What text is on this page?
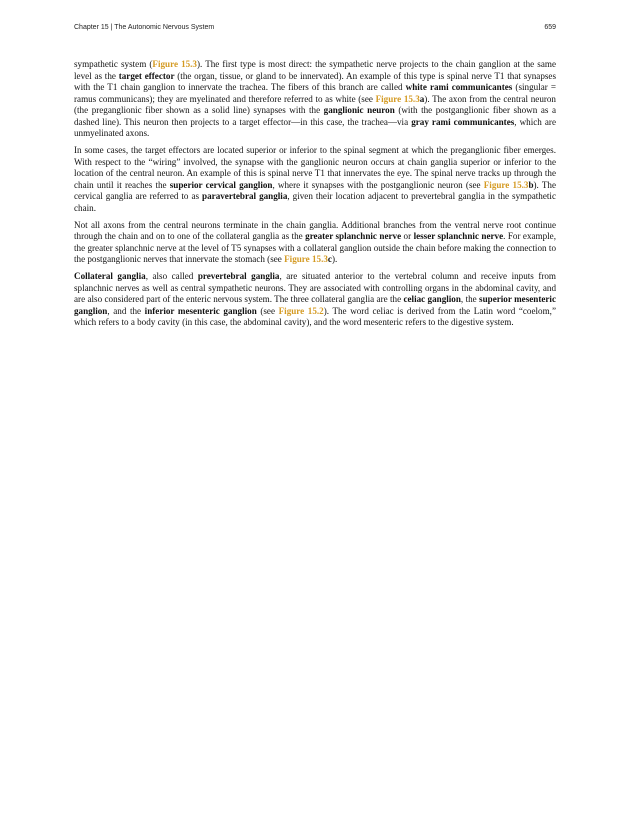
Chapter 15 | The Autonomic Nervous System	659

sympathetic system (Figure 15.3). The first type is most direct: the sympathetic nerve projects to the chain ganglion at the same level as the target effector (the organ, tissue, or gland to be innervated). An example of this type is spinal nerve T1 that synapses with the T1 chain ganglion to innervate the trachea. The fibers of this branch are called white rami communicantes (singular = ramus communicans); they are myelinated and therefore referred to as white (see Figure 15.3a). The axon from the central neuron (the preganglionic fiber shown as a solid line) synapses with the ganglionic neuron (with the postganglionic fiber shown as a dashed line). This neuron then projects to a target effector—in this case, the trachea—via gray rami communicantes, which are unmyelinated axons.

In some cases, the target effectors are located superior or inferior to the spinal segment at which the preganglionic fiber emerges. With respect to the “wiring” involved, the synapse with the ganglionic neuron occurs at chain ganglia superior or inferior to the location of the central neuron. An example of this is spinal nerve T1 that innervates the eye. The spinal nerve tracks up through the chain until it reaches the superior cervical ganglion, where it synapses with the postganglionic neuron (see Figure 15.3b). The cervical ganglia are referred to as paravertebral ganglia, given their location adjacent to prevertebral ganglia in the sympathetic chain.

Not all axons from the central neurons terminate in the chain ganglia. Additional branches from the ventral nerve root continue through the chain and on to one of the collateral ganglia as the greater splanchnic nerve or lesser splanchnic nerve. For example, the greater splanchnic nerve at the level of T5 synapses with a collateral ganglion outside the chain before making the connection to the postganglionic nerves that innervate the stomach (see Figure 15.3c).

Collateral ganglia, also called prevertebral ganglia, are situated anterior to the vertebral column and receive inputs from splanchnic nerves as well as central sympathetic neurons. They are associated with controlling organs in the abdominal cavity, and are also considered part of the enteric nervous system. The three collateral ganglia are the celiac ganglion, the superior mesenteric ganglion, and the inferior mesenteric ganglion (see Figure 15.2). The word celiac is derived from the Latin word “coelom,” which refers to a body cavity (in this case, the abdominal cavity), and the word mesenteric refers to the digestive system.
